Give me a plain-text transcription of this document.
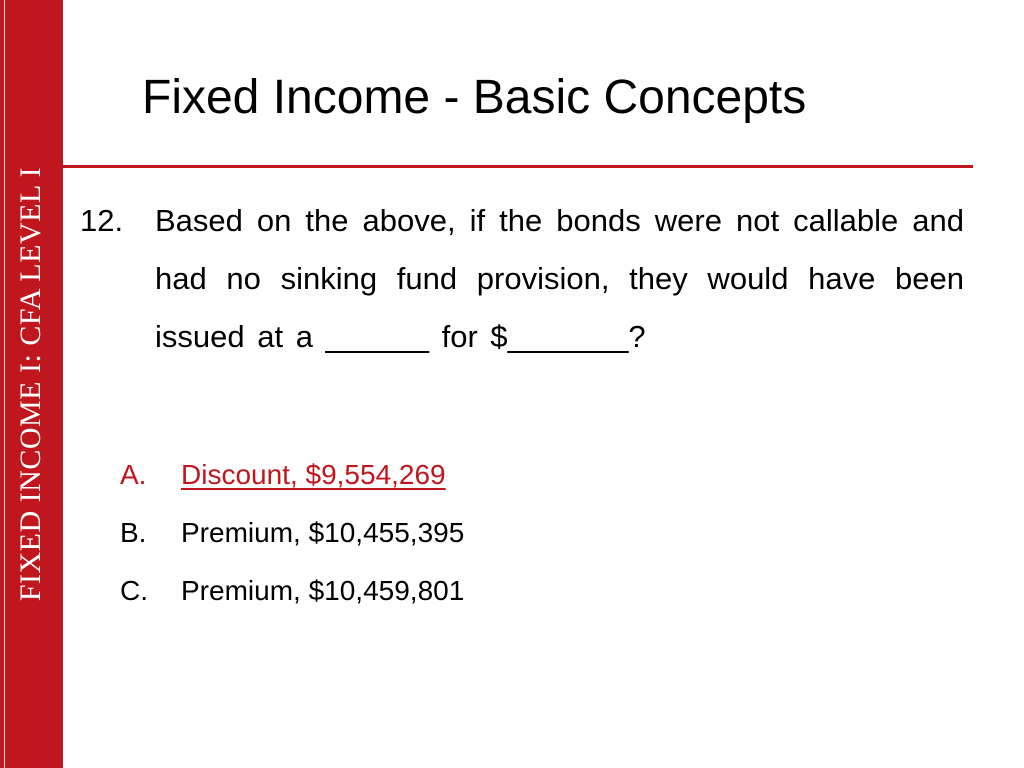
FIXED INCOME I: CFA LEVEL I
Fixed Income - Basic Concepts
12. Based on the above, if the bonds were not callable and had no sinking fund provision, they would have been issued at a ______ for $_______?
A. Discount, $9,554,269
B. Premium, $10,455,395
C. Premium, $10,459,801
